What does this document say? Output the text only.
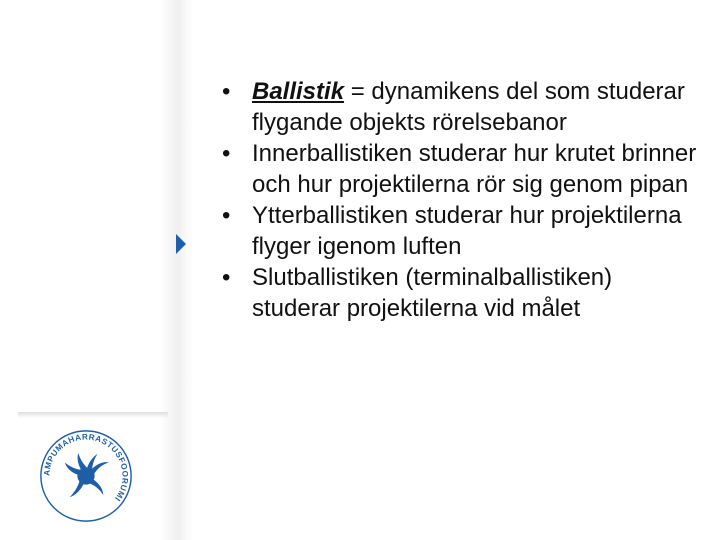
AMPUMAHARRASTUSFOORUMI
• Ballistik = dynamikens del som studerar flygande objekts rörelsebanor
• Innerballistiken studerar hur krutet brinner och hur projektilerna rör sig genom pipan
• Ytterballistiken studerar hur projektilerna flyger igenom luften
• Slutballistiken (terminalballistiken) studerar projektilerna vid målet
